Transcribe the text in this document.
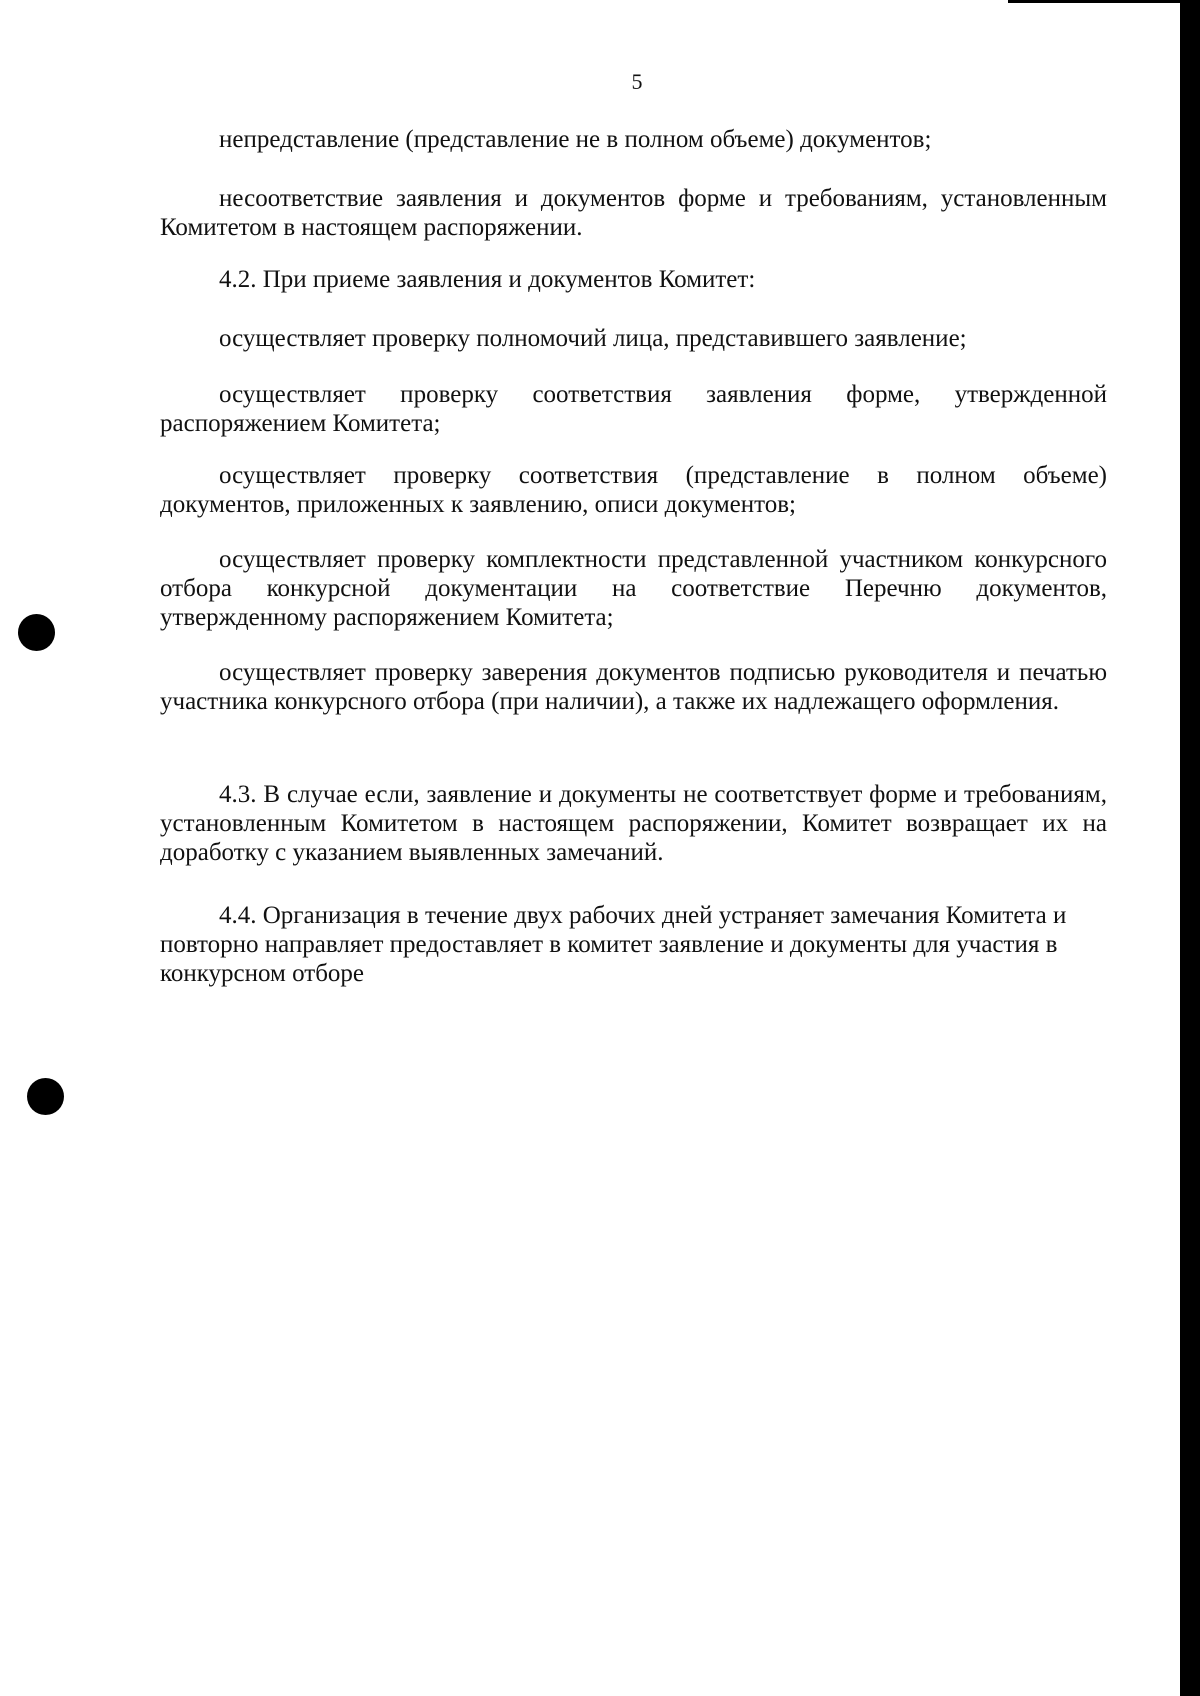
5

непредставление (представление не в полном объеме) документов;

несоответствие заявления и документов форме и требованиям, установленным Комитетом в настоящем распоряжении.

4.2. При приеме заявления и документов Комитет:

осуществляет проверку полномочий лица, представившего заявление;

осуществляет проверку соответствия заявления форме, утвержденной распоряжением Комитета;

осуществляет проверку соответствия (представление в полном объеме) документов, приложенных к заявлению, описи документов;

осуществляет проверку комплектности представленной участником конкурсного отбора конкурсной документации на соответствие Перечню документов, утвержденному распоряжением Комитета;

осуществляет проверку заверения документов подписью руководителя и печатью участника конкурсного отбора (при наличии), а также их надлежащего оформления.

4.3. В случае если, заявление и документы не соответствует форме и требованиям, установленным Комитетом в настоящем распоряжении, Комитет возвращает их на доработку с указанием выявленных замечаний.

4.4. Организация в течение двух рабочих дней устраняет замечания Комитета и повторно направляет предоставляет в комитет заявление и документы для участия в конкурсном отборе
